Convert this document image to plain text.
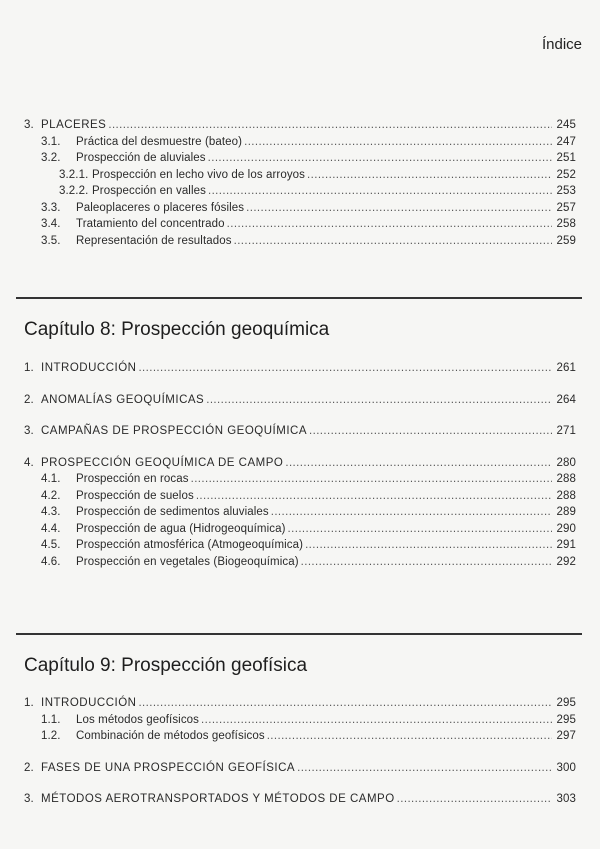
Índice
3. PLACERES .....	245
3.1.	Práctica del desmuestre (bateo) .....	247
3.2.	Prospección de aluviales .....	251
3.2.1. Prospección en lecho vivo de los arroyos .....	252
3.2.2. Prospección en valles .....	253
3.3.	Paleoplaceres o placeres fósiles .....	257
3.4.	Tratamiento del concentrado .....	258
3.5.	Representación de resultados .....	259
Capítulo 8: Prospección geoquímica
1. INTRODUCCIÓN .....	261
2. ANOMALÍAS GEOQUÍMICAS .....	264
3. CAMPAÑAS DE PROSPECCIÓN GEOQUÍMICA .....	271
4. PROSPECCIÓN GEOQUÍMICA DE CAMPO .....	280
4.1.	Prospección en rocas .....	288
4.2.	Prospección de suelos .....	288
4.3.	Prospección de sedimentos aluviales .....	289
4.4.	Prospección de agua (Hidrogeoquímica) .....	290
4.5.	Prospección atmosférica (Atmogeoquímica) .....	291
4.6.	Prospección en vegetales (Biogeoquímica) .....	292
Capítulo 9: Prospección geofísica
1. INTRODUCCIÓN .....	295
1.1.	Los métodos geofísicos .....	295
1.2.	Combinación de métodos geofísicos .....	297
2. FASES DE UNA PROSPECCIÓN GEOFÍSICA .....	300
3. MÉTODOS AEROTRANSPORTADOS Y MÉTODOS DE CAMPO .....	303
